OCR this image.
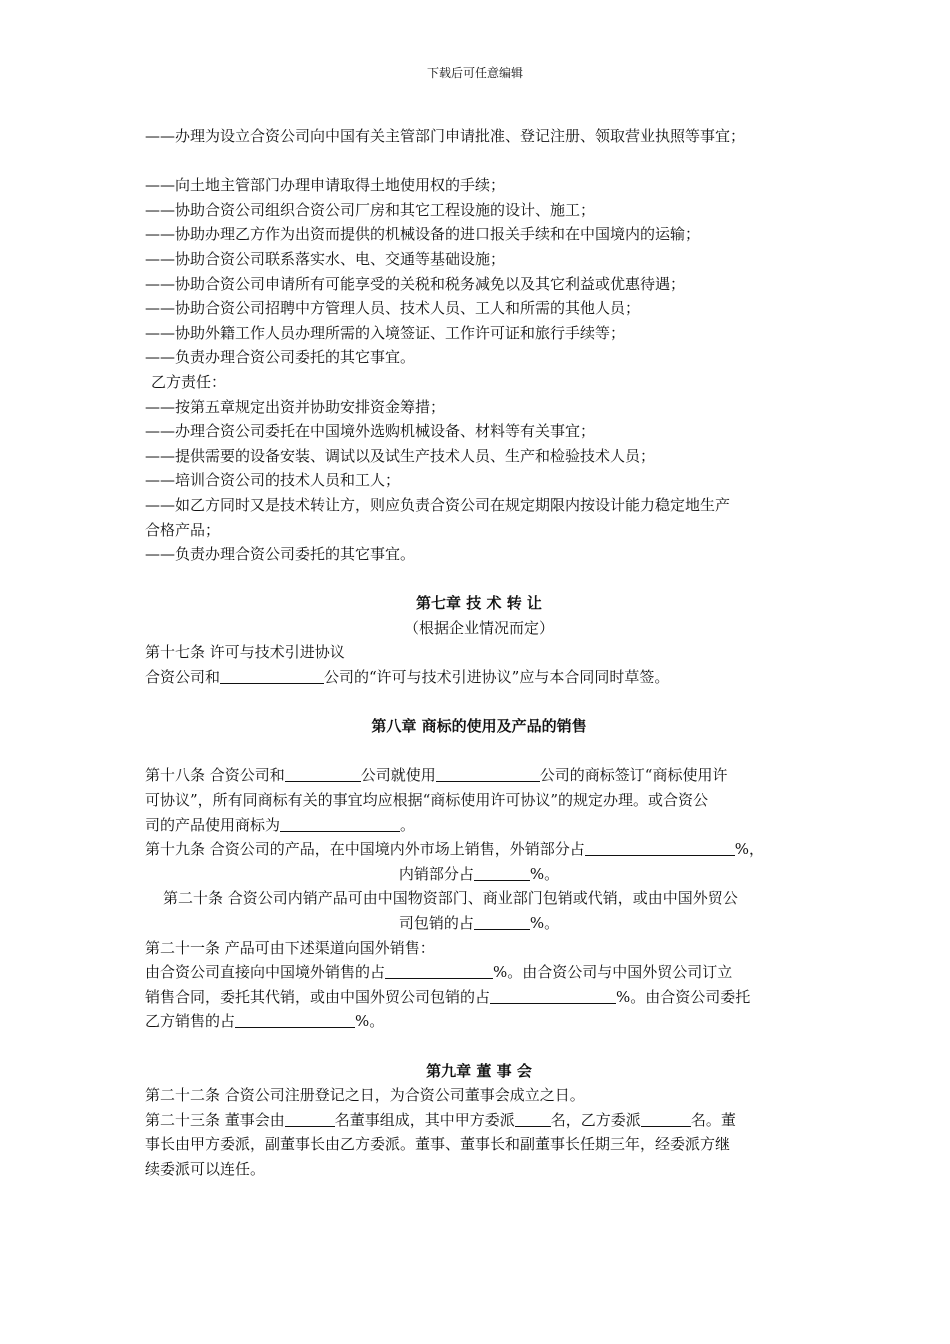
下载后可任意编辑

——办理为设立合资公司向中国有关主管部门申请批准、登记注册、领取营业执照等事宜；

——向土地主管部门办理申请取得土地使用权的手续；

——协助合资公司组织合资公司厂房和其它工程设施的设计、施工；

——协助办理乙方作为出资而提供的机械设备的进口报关手续和在中国境内的运输；

——协助合资公司联系落实水、电、交通等基础设施；

——协助合资公司申请所有可能享受的关税和税务减免以及其它利益或优惠待遇；

——协助合资公司招聘中方管理人员、技术人员、工人和所需的其他人员；

——协助外籍工作人员办理所需的入境签证、工作许可证和旅行手续等；

——负责办理合资公司委托的其它事宜。

乙方责任：

——按第五章规定出资并协助安排资金筹措；

——办理合资公司委托在中国境外选购机械设备、材料等有关事宜；

——提供需要的设备安装、调试以及试生产技术人员、生产和检验技术人员；

——培训合资公司的技术人员和工人；

——如乙方同时又是技术转让方，则应负责合资公司在规定期限内按设计能力稳定地生产

合格产品；

——负责办理合资公司委托的其它事宜。

第七章 技 术 转 让

（根据企业情况而定）

第十七条 许可与技术引进协议

合资公司和	公司的“许可与技术引进协议”应与本合同同时草签。

第八章 商标的使用及产品的销售

第十八条 合资公司和	公司就使用	公司的商标签订“商标使用许

可协议”，所有同商标有关的事宜均应根据“商标使用许可协议”的规定办理。或合资公

司的产品使用商标为	。

第十九条 合资公司的产品，在中国境内外市场上销售，外销部分占	%，

内销部分占	%。

第二十条 合资公司内销产品可由中国物资部门、商业部门包销或代销，或由中国外贸公

司包销的占	%。

第二十一条 产品可由下述渠道向国外销售：

由合资公司直接向中国境外销售的占	%。由合资公司与中国外贸公司订立

销售合同，委托其代销，或由中国外贸公司包销的占	%。由合资公司委托

乙方销售的占	%。

第九章 董 事 会

第二十二条 合资公司注册登记之日，为合资公司董事会成立之日。

第二十三条 董事会由	名董事组成，其中甲方委派 名，乙方委派	名。董

事长由甲方委派，副董事长由乙方委派。董事、董事长和副董事长任期三年，经委派方继

续委派可以连任。
